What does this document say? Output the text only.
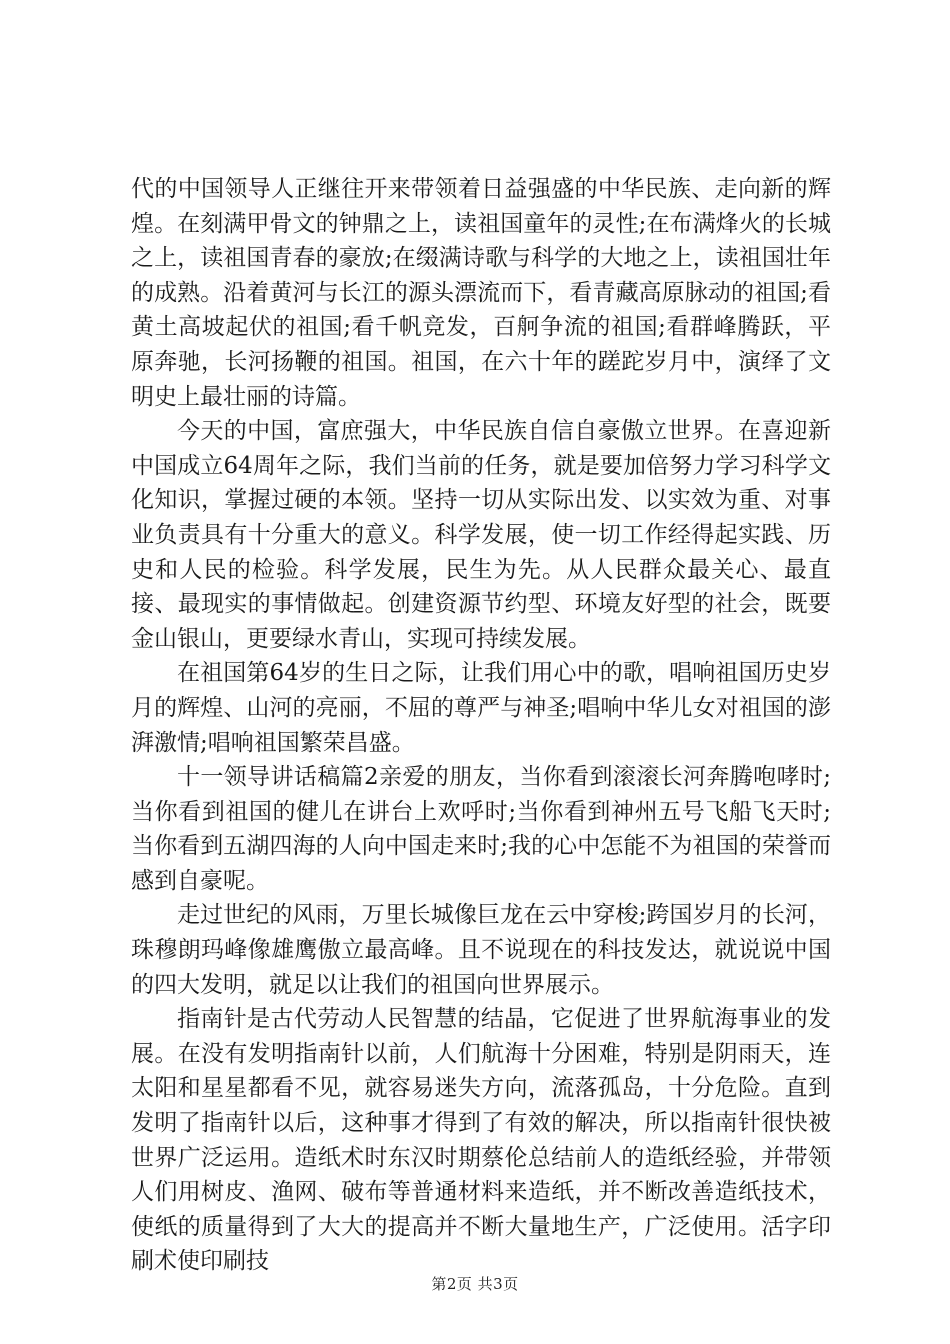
代的中国领导人正继往开来带领着日益强盛的中华民族、走向新的辉煌。在刻满甲骨文的钟鼎之上，读祖国童年的灵性;在布满烽火的长城之上，读祖国青春的豪放;在缀满诗歌与科学的大地之上，读祖国壮年的成熟。沿着黄河与长江的源头漂流而下，看青藏高原脉动的祖国;看黄土高坡起伏的祖国;看千帆竞发，百舸争流的祖国;看群峰腾跃，平原奔驰，长河扬鞭的祖国。祖国，在六十年的蹉跎岁月中，演绎了文明史上最壮丽的诗篇。

今天的中国，富庶强大，中华民族自信自豪傲立世界。在喜迎新中国成立64周年之际，我们当前的任务，就是要加倍努力学习科学文化知识，掌握过硬的本领。坚持一切从实际出发、以实效为重、对事业负责具有十分重大的意义。科学发展，使一切工作经得起实践、历史和人民的检验。科学发展，民生为先。从人民群众最关心、最直接、最现实的事情做起。创建资源节约型、环境友好型的社会，既要金山银山，更要绿水青山，实现可持续发展。

在祖国第64岁的生日之际，让我们用心中的歌，唱响祖国历史岁月的辉煌、山河的亮丽，不屈的尊严与神圣;唱响中华儿女对祖国的澎湃激情;唱响祖国繁荣昌盛。

十一领导讲话稿篇2亲爱的朋友，当你看到滚滚长河奔腾咆哮时;当你看到祖国的健儿在讲台上欢呼时;当你看到神州五号飞船飞天时;当你看到五湖四海的人向中国走来时;我的心中怎能不为祖国的荣誉而感到自豪呢。

走过世纪的风雨，万里长城像巨龙在云中穿梭;跨国岁月的长河，珠穆朗玛峰像雄鹰傲立最高峰。且不说现在的科技发达，就说说中国的四大发明，就足以让我们的祖国向世界展示。

指南针是古代劳动人民智慧的结晶，它促进了世界航海事业的发展。在没有发明指南针以前，人们航海十分困难，特别是阴雨天，连太阳和星星都看不见，就容易迷失方向，流落孤岛，十分危险。直到发明了指南针以后，这种事才得到了有效的解决，所以指南针很快被世界广泛运用。造纸术时东汉时期蔡伦总结前人的造纸经验，并带领人们用树皮、渔网、破布等普通材料来造纸，并不断改善造纸技术，使纸的质量得到了大大的提高并不断大量地生产，广泛使用。活字印刷术使印刷技

第2页 共3页
